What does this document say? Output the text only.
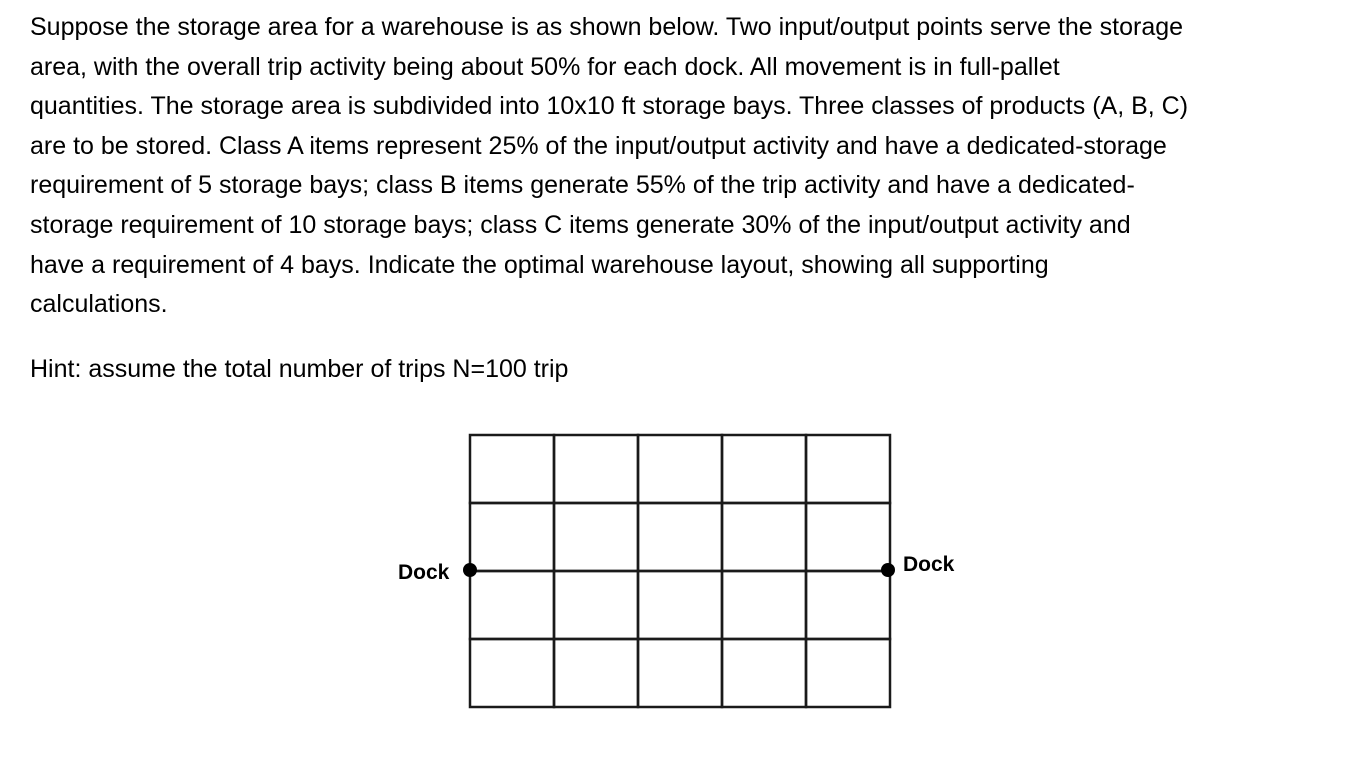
Suppose the storage area for a warehouse is as shown below. Two input/output points serve the storage
area, with the overall trip activity being about 50% for each dock. All movement is in full-pallet
quantities. The storage area is subdivided into 10x10 ft storage bays. Three classes of products (A, B, C)
are to be stored. Class A items represent 25% of the input/output activity and have a dedicated-storage
requirement of 5 storage bays; class B items generate 55% of the trip activity and have a dedicated-
storage requirement of 10 storage bays; class C items generate 30% of the input/output activity and
have a requirement of 4 bays. Indicate the optimal warehouse layout, showing all supporting
calculations.

Hint: assume the total number of trips N=100 trip

Dock	Dock
